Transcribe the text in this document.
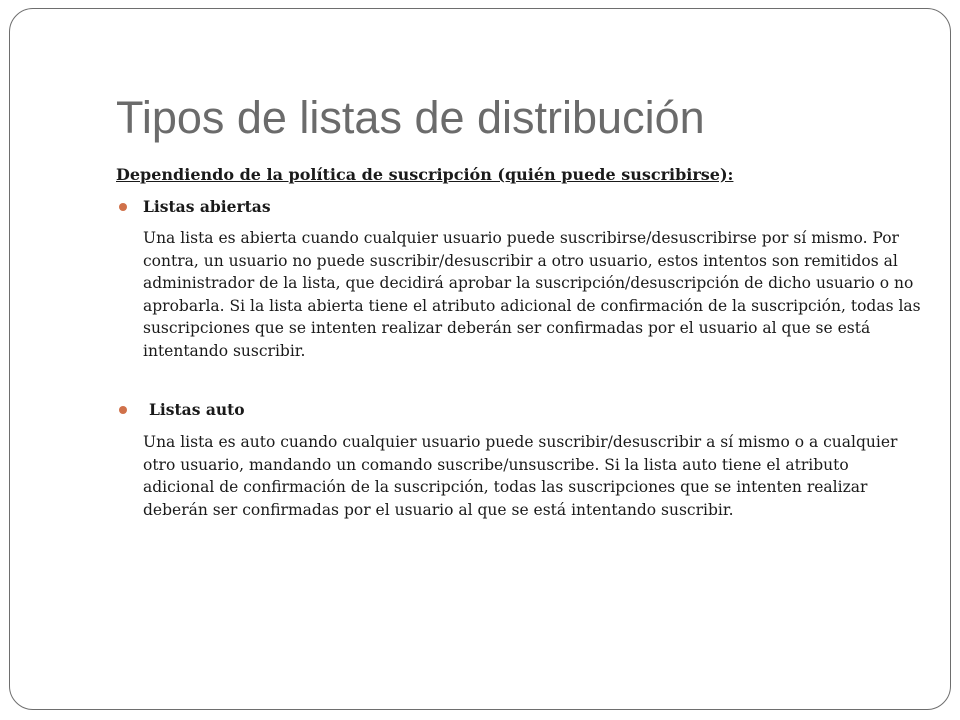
Tipos de listas de distribución

Dependiendo de la política de suscripción (quién puede suscribirse):

Listas abiertas

Una lista es abierta cuando cualquier usuario puede suscribirse/desuscribirse por sí mismo. Por contra, un usuario no puede suscribir/desuscribir a otro usuario, estos intentos son remitidos al administrador de la lista, que decidirá aprobar la suscripción/desuscripción de dicho usuario o no aprobarla. Si la lista abierta tiene el atributo adicional de confirmación de la suscripción, todas las suscripciones que se intenten realizar deberán ser confirmadas por el usuario al que se está intentando suscribir.

Listas auto

Una lista es auto cuando cualquier usuario puede suscribir/desuscribir a sí mismo o a cualquier otro usuario, mandando un comando suscribe/unsuscribe. Si la lista auto tiene el atributo adicional de confirmación de la suscripción, todas las suscripciones que se intenten realizar deberán ser confirmadas por el usuario al que se está intentando suscribir.
